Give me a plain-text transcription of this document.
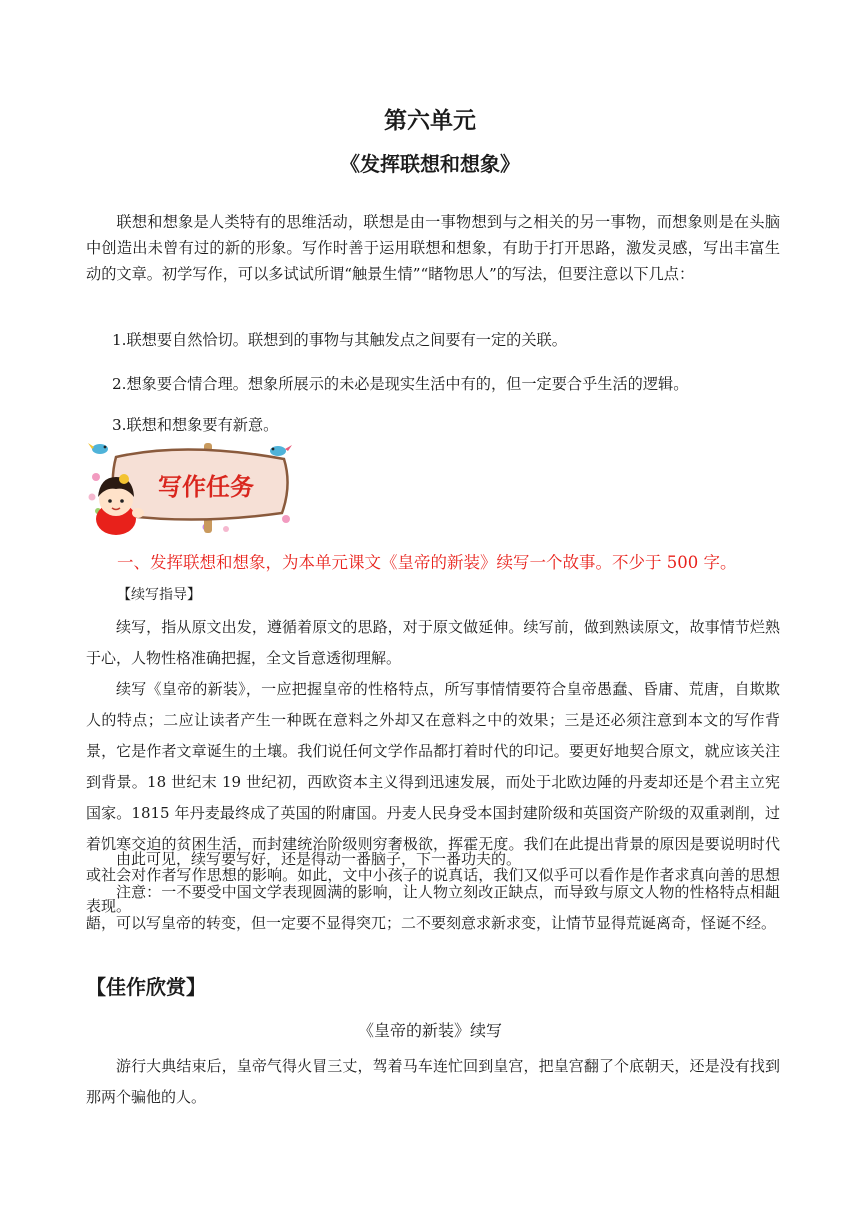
第六单元
《发挥联想和想象》
联想和想象是人类特有的思维活动，联想是由一事物想到与之相关的另一事物，而想象则是在头脑中创造出未曾有过的新的形象。写作时善于运用联想和想象，有助于打开思路，激发灵感，写出丰富生动的文章。初学写作，可以多试试所谓“触景生情”“睹物思人”的写法，但要注意以下几点：
1.联想要自然恰切。联想到的事物与其触发点之间要有一定的关联。
2.想象要合情合理。想象所展示的未必是现实生活中有的，但一定要合乎生活的逻辑。
3.联想和想象要有新意。
写作任务
一、发挥联想和想象，为本单元课文《皇帝的新装》续写一个故事。不少于 500 字。
【续写指导】
续写，指从原文出发，遵循着原文的思路，对于原文做延伸。续写前，做到熟读原文，故事情节烂熟于心，人物性格准确把握，全文旨意透彻理解。
续写《皇帝的新装》，一应把握皇帝的性格特点，所写事情情要符合皇帝愚蠢、昏庸、荒唐，自欺欺人的特点；二应让读者产生一种既在意料之外却又在意料之中的效果；三是还必须注意到本文的写作背景，它是作者文章诞生的土壤。我们说任何文学作品都打着时代的印记。要更好地契合原文，就应该关注到背景。18 世纪末 19 世纪初，西欧资本主义得到迅速发展，而处于北欧边陲的丹麦却还是个君主立宪国家。1815 年丹麦最终成了英国的附庸国。丹麦人民身受本国封建阶级和英国资产阶级的双重剥削，过着饥寒交迫的贫困生活，而封建统治阶级则穷奢极欲，挥霍无度。我们在此提出背景的原因是要说明时代或社会对作者写作思想的影响。如此，文中小孩子的说真话，我们又似乎可以看作是作者求真向善的思想表现。
由此可见，续写要写好，还是得动一番脑子，下一番功夫的。
注意：一不要受中国文学表现圆满的影响，让人物立刻改正缺点，而导致与原文人物的性格特点相龃龉，可以写皇帝的转变，但一定要不显得突兀；二不要刻意求新求变，让情节显得荒诞离奇，怪诞不经。
【佳作欣赏】
《皇帝的新装》续写
游行大典结束后，皇帝气得火冒三丈，驾着马车连忙回到皇宫，把皇宫翻了个底朝天，还是没有找到那两个骗他的人。
